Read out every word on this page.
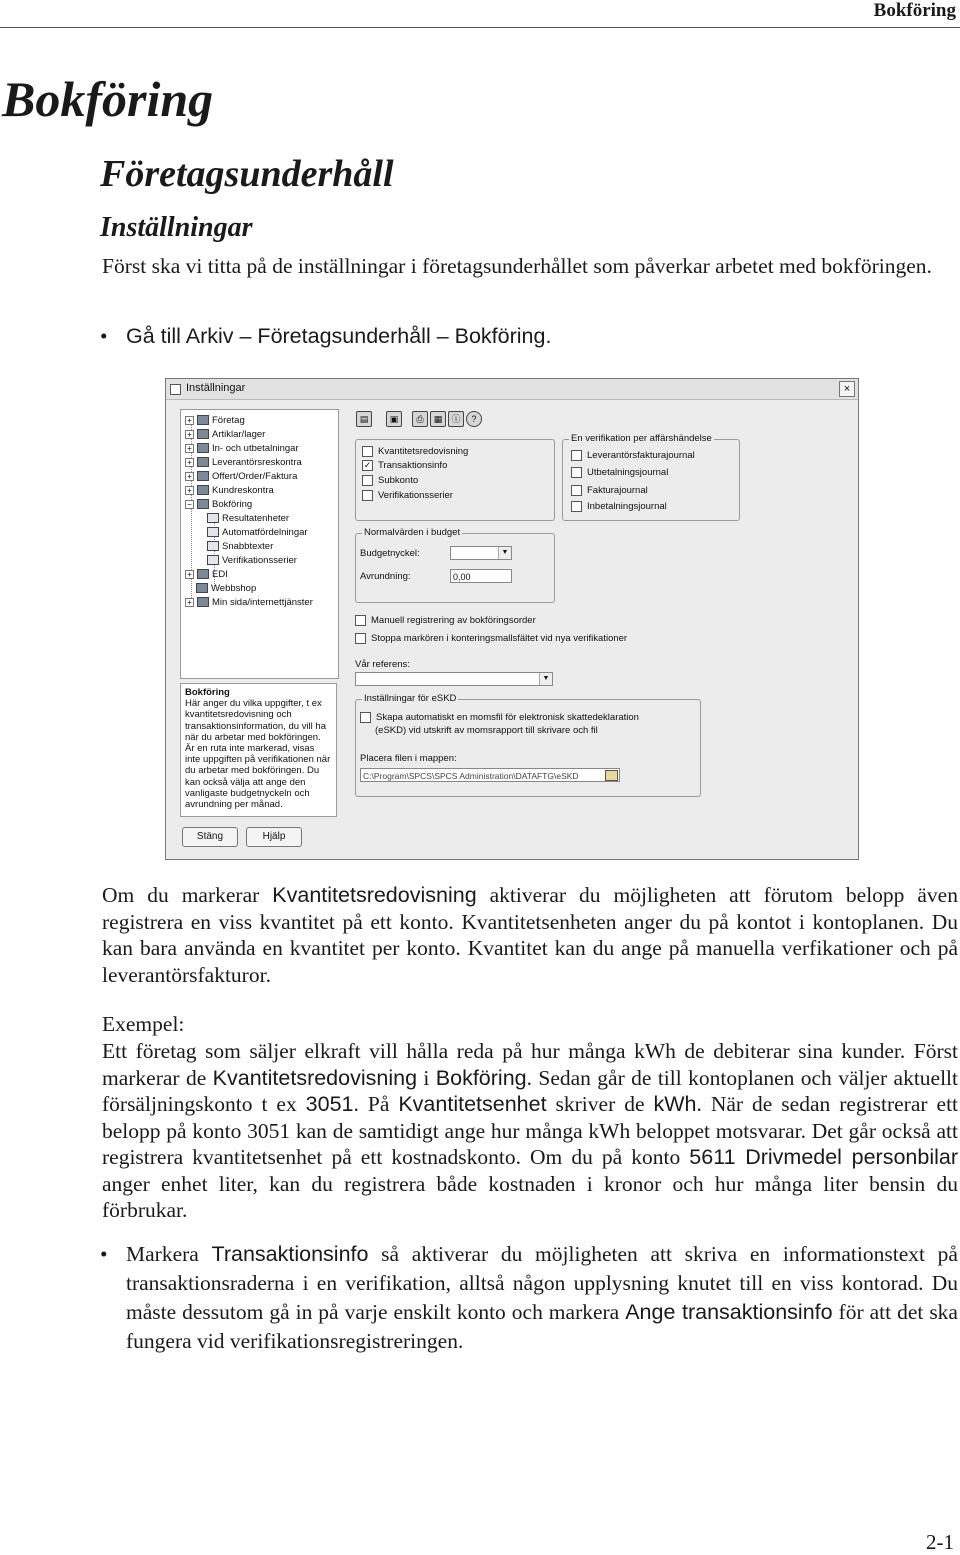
Bokföring
Bokföring
Företagsunderhåll
Inställningar

Först ska vi titta på de inställningar i företagsunderhållet som påverkar arbetet med bokföringen.

• Gå till Arkiv – Företagsunderhåll – Bokföring.
Inställningar	×
+ Företag
+ Artiklar/lager
+ In- och utbetalningar
+ Leverantörsreskontra
+ Offert/Order/Faktura
+ Kundreskontra
− Bokföring
Resultatenheter
Automatfördelningar
Snabbtexter
Verifikationsserier
+ EDI
Webbshop
+ Min sida/internettjänster
Bokföring
Här anger du vilka uppgifter, t ex kvantitetsredovisning och transaktionsinformation, du vill ha när du arbetar med bokföringen. Är en ruta inte markerad, visas inte uppgiften på verifikationen när du arbetar med bokföringen. Du kan också välja att ange den vanligaste budgetnyckeln och avrundning per månad.
Stäng	Hjälp
▤	▣	⎙	▦	ⓘ	?
Kvantitetsredovisning
✓ Transaktionsinfo
Subkonto
Verifikationsserier
En verifikation per affärshändelse
Leverantörsfakturajournal
Utbetalningsjournal
Fakturajournal
Inbetalningsjournal
Normalvärden i budget
Budgetnyckel:	▼
Avrundning:	0,00
Manuell registrering av bokföringsorder
Stoppa markören i konteringsmallsfältet vid nya verifikationer
Vår referens:
▼
Inställningar för eSKD
Skapa automatiskt en momsfil för elektronisk skattedeklaration
(eSKD) vid utskrift av momsrapport till skrivare och fil
Placera filen i mappen:
C:\Program\SPCS\SPCS Administration\DATAFTG\eSKD

Om du markerar Kvantitetsredovisning aktiverar du möjligheten att förutom belopp även registrera en viss kvantitet på ett konto. Kvantitetsenheten anger du på kontot i kontoplanen. Du kan bara använda en kvantitet per konto. Kvantitet kan du ange på manuella verfikationer och på leverantörsfakturor.

Exempel:

Ett företag som säljer elkraft vill hålla reda på hur många kWh de debiterar sina kunder. Först markerar de Kvantitetsredovisning i Bokföring. Sedan går de till kontoplanen och väljer aktuellt försäljningskonto t ex 3051. På Kvantitetsenhet skriver de kWh. När de sedan registrerar ett belopp på konto 3051 kan de samtidigt ange hur många kWh beloppet motsvarar. Det går också att registrera kvantitetsenhet på ett kostnadskonto. Om du på konto 5611 Drivmedel personbilar anger enhet liter, kan du registrera både kostnaden i kronor och hur många liter bensin du förbrukar.

• Markera Transaktionsinfo så aktiverar du möjligheten att skriva en informationstext på transaktionsraderna i en verifikation, alltså någon upplysning knutet till en viss kontorad. Du måste dessutom gå in på varje enskilt konto och markera Ange transaktionsinfo för att det ska fungera vid verifikationsregistreringen.
2-1
